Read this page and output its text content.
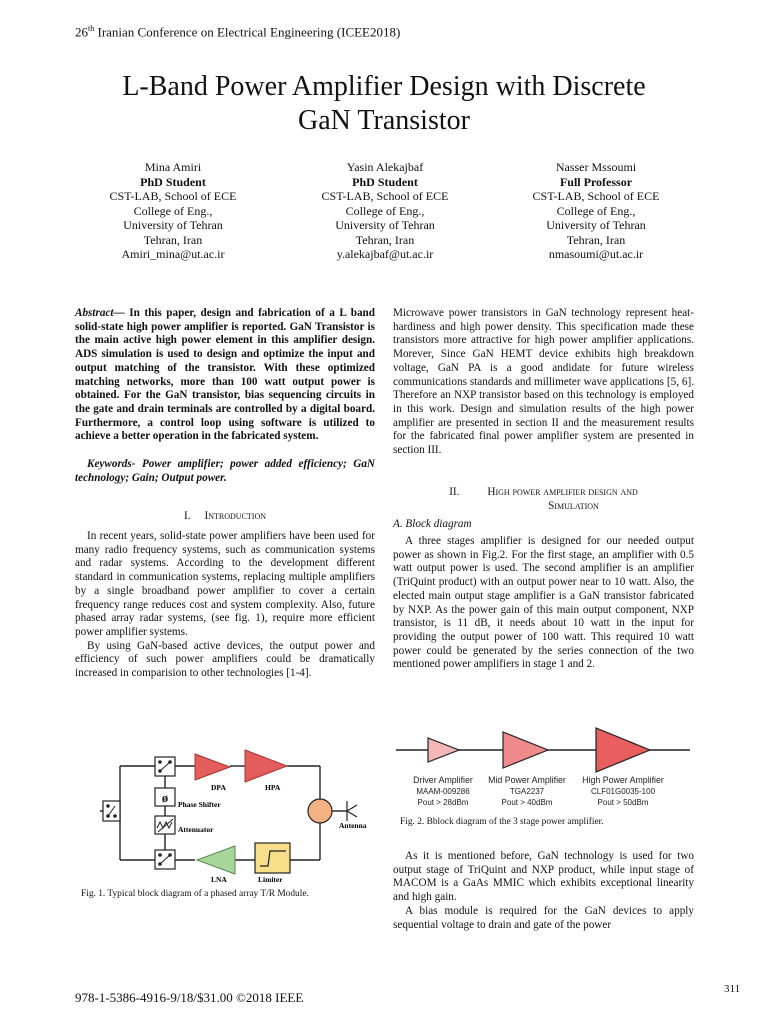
26th Iranian Conference on Electrical Engineering (ICEE2018)
L-Band Power Amplifier Design with Discrete
GaN Transistor
Mina Amiri
PhD Student
CST-LAB, School of ECE
College of Eng.,
University of Tehran
Tehran, Iran
Amiri_mina@ut.ac.ir
Yasin Alekajbaf
PhD Student
CST-LAB, School of ECE
College of Eng.,
University of Tehran
Tehran, Iran
y.alekajbaf@ut.ac.ir
Nasser Mssoumi
Full Professor
CST-LAB, School of ECE
College of Eng.,
University of Tehran
Tehran, Iran
nmasoumi@ut.ac.ir

Abstract— In this paper, design and fabrication of a L band solid-state high power amplifier is reported. GaN Transistor is the main active high power element in this amplifier design. ADS simulation is used to design and optimize the input and output matching of the transistor. With these optimized matching networks, more than 100 watt output power is obtained. For the GaN transistor, bias sequencing circuits in the gate and drain terminals are controlled by a digital board. Furthermore, a control loop using software is utilized to achieve a better operation in the fabricated system.

Keywords- Power amplifier; power added efficiency; GaN technology; Gain; Output power.
I. Introduction

In recent years, solid-state power amplifiers have been used for many radio frequency systems, such as communication systems and radar systems. According to the development different standard in communication systems, replacing multiple amplifiers by a single broadband power amplifier to cover a certain frequency range reduces cost and system complexity. Also, future phased array radar systems, (see fig. 1), require more efficient power amplifier systems.

By using GaN-based active devices, the output power and efficiency of such power amplifiers could be dramatically increased in comparision to other technologies [1-4].

ø
DPA	HPA
Phase Shifter
Attenuator	Antenna
LNA	Limiter
Fig. 1. Typical block diagram of a phased array T/R Module.

Microwave power transistors in GaN technology represent heat-hardiness and high power density. This specification made these transistors more attractive for high power amplifier applications. Morever, Since GaN HEMT device exhibits high breakdown voltage, GaN PA is a good andidate for future wireless communications standards and millimeter wave applications [5, 6]. Therefore an NXP transistor based on this technology is employed in this work. Design and simulation results of the high power amplifier are presented in section II and the measurement results for the fabricated final power amplifier system are presented in section III.

II. High power amplifier design and
Simulation
A. Block diagram

A three stages amplifier is designed for our needed output power as shown in Fig.2. For the first stage, an amplifier with 0.5 watt output power is used. The second amplifier is an amplifier (TriQuint product) with an output power near to 10 watt. Also, the elected main output stage amplifier is a GaN transistor fabricated by NXP. As the power gain of this main output component, NXP transistor, is 11 dB, it needs about 10 watt in the input for providing the output power of 100 watt. This required 10 watt power could be generated by the series connection of the two mentioned power amplifiers in stage 1 and 2.

Driver Amplifier
MAAM-009286
Pout > 28dBm
Mid Power Amplifier
TGA2237
Pout > 40dBm
High Power Amplifier
CLF01G0035-100
Pout > 50dBm
Fig. 2. Bblock diagram of the 3 stage power amplifier.

As it is mentioned before, GaN technology is used for two output stage of TriQuint and NXP product, while input stage of MACOM is a GaAs MMIC which exhibits exceptional linearity and high gain.

A bias module is required for the GaN devices to apply sequential voltage to drain and gate of the power

978-1-5386-4916-9/18/$31.00 ©2018 IEEE
311
